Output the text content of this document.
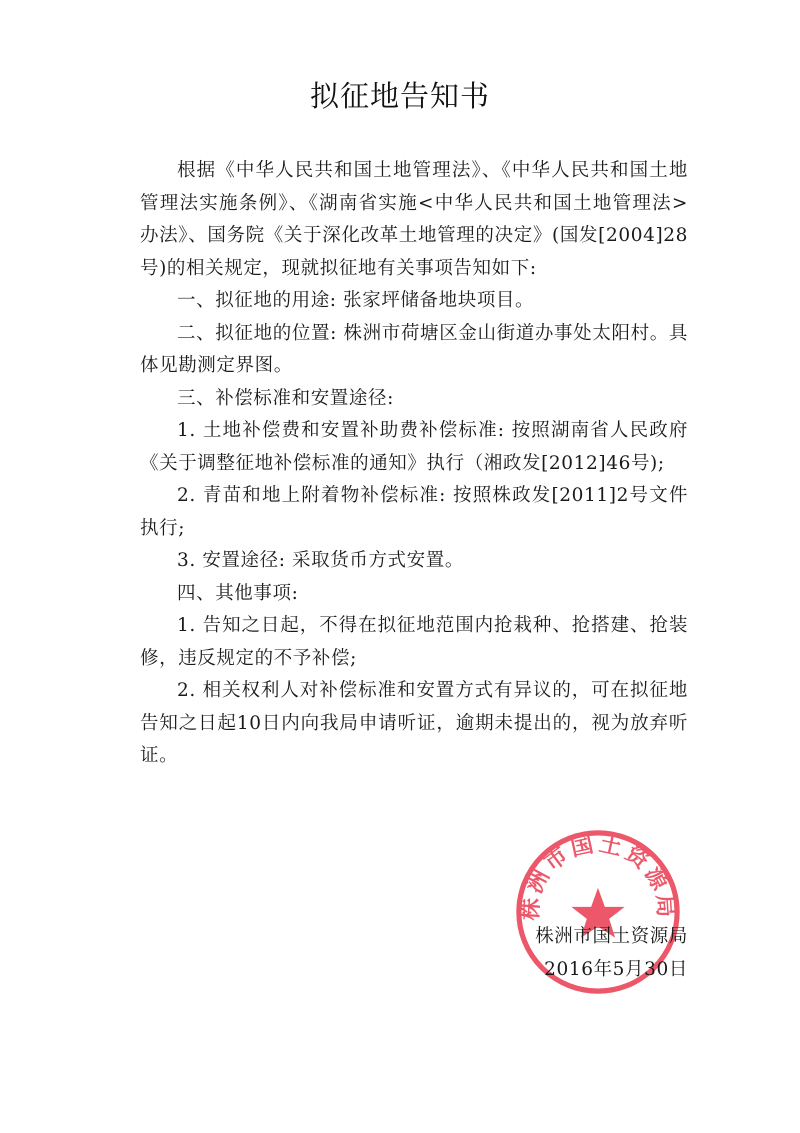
拟征地告知书

根据《中华人民共和国土地管理法》、《中华人民共和国土地管理法实施条例》、《湖南省实施<中华人民共和国土地管理法>办法》、国务院《关于深化改革土地管理的决定》(国发[2004]28号)的相关规定，现就拟征地有关事项告知如下:

一、拟征地的用途: 张家坪储备地块项目。

二、拟征地的位置: 株洲市荷塘区金山街道办事处太阳村。具体见勘测定界图。

三、补偿标准和安置途径:

1. 土地补偿费和安置补助费补偿标准: 按照湖南省人民政府《关于调整征地补偿标准的通知》执行（湘政发[2012]46号);

2. 青苗和地上附着物补偿标准: 按照株政发[2011]2号文件执行;

3. 安置途径: 采取货币方式安置。

四、其他事项:

1. 告知之日起，不得在拟征地范围内抢栽种、抢搭建、抢装修，违反规定的不予补偿;

2. 相关权利人对补偿标准和安置方式有异议的，可在拟征地告知之日起10日内向我局申请听证，逾期未提出的，视为放弃听证。

株洲市国土资源局
株洲市国土资源局
2016年5月30日
